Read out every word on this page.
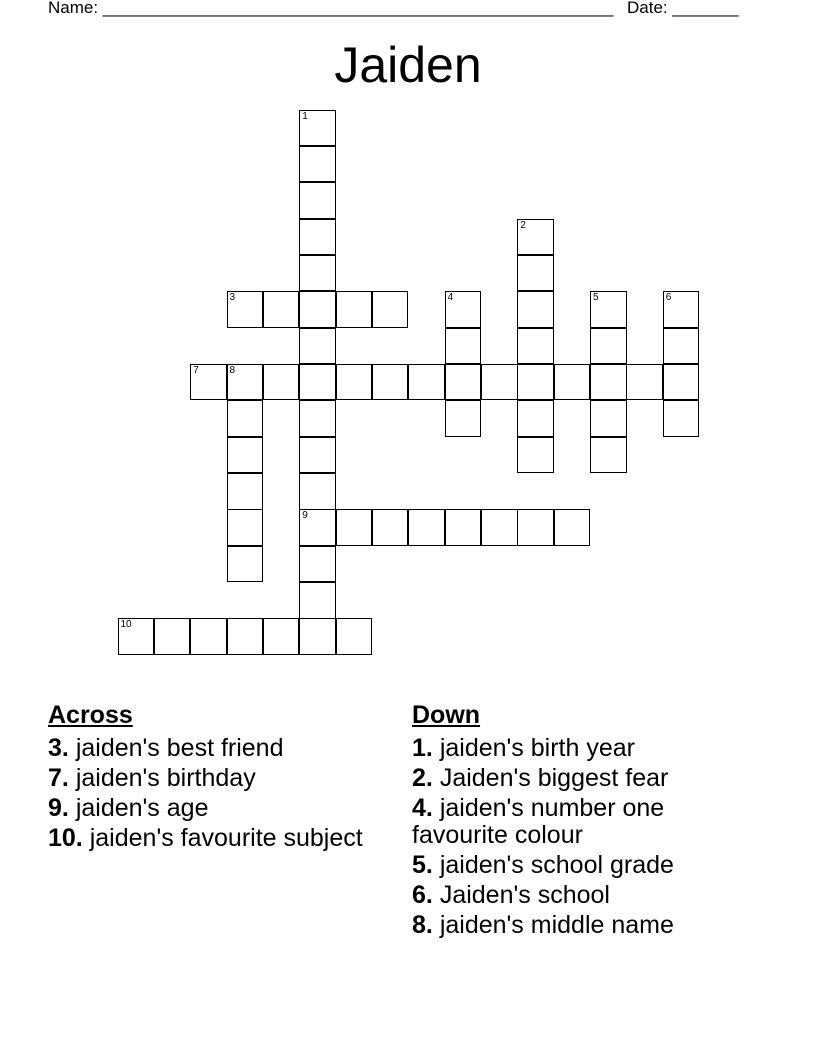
Name: ______________________________________________________ Date: _______
Jaiden
1
9
2
3	4	5	6
7	8
10
Across
3. jaiden's best friend
7. jaiden's birthday
9. jaiden's age
10. jaiden's favourite subject
Down
1. jaiden's birth year
2. Jaiden's biggest fear
4. jaiden's number one favourite colour
5. jaiden's school grade
6. Jaiden's school
8. jaiden's middle name
